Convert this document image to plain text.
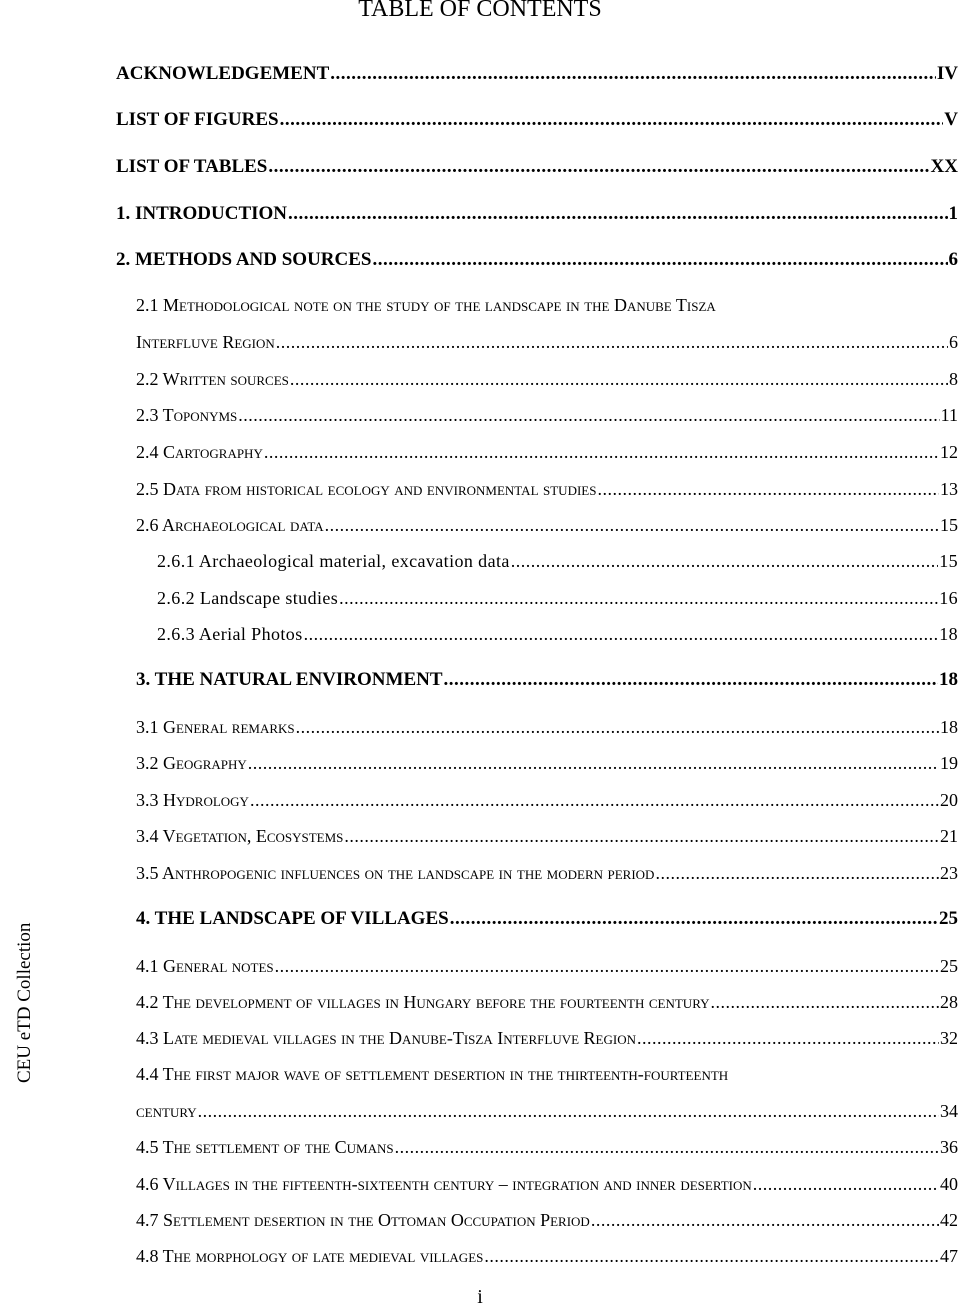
TABLE OF CONTENTS
ACKNOWLEDGEMENT .....	IV
LIST OF FIGURES .....	V
LIST OF TABLES .....	XX
1. INTRODUCTION .....	1
2. METHODS AND SOURCES .....	6
2.1 Methodological note on the study of the landscape in the Danube Tisza
Interfluve Region .....	6
2.2 Written sources .....	8
2.3 Toponyms .....	11
2.4 Cartography .....	12
2.5 Data from historical ecology and environmental studies .....	13
2.6 Archaeological data .....	15
2.6.1 Archaeological material, excavation data .....	15
2.6.2 Landscape studies .....	16
2.6.3 Aerial Photos .....	18
3. THE NATURAL ENVIRONMENT .....	18
3.1 General remarks .....	18
3.2 Geography .....	19
3.3 Hydrology .....	20
3.4 Vegetation, Ecosystems .....	21
3.5 Anthropogenic influences on the landscape in the modern period .....	23
4. THE LANDSCAPE OF VILLAGES .....	25
4.1 General notes .....	25
4.2 The development of villages in Hungary before the fourteenth century .....	28
4.3 Late medieval villages in the Danube-Tisza Interfluve Region .....	32
4.4 The first major wave of settlement desertion in the thirteenth-fourteenth
century .....	34
4.5 The settlement of the Cumans .....	36
4.6 Villages in the fifteenth-sixteenth century – integration and inner desertion .....	40
4.7 Settlement desertion in the Ottoman Occupation Period .....	42
4.8 The morphology of late medieval villages .....	47
CEU eTD Collection
i
